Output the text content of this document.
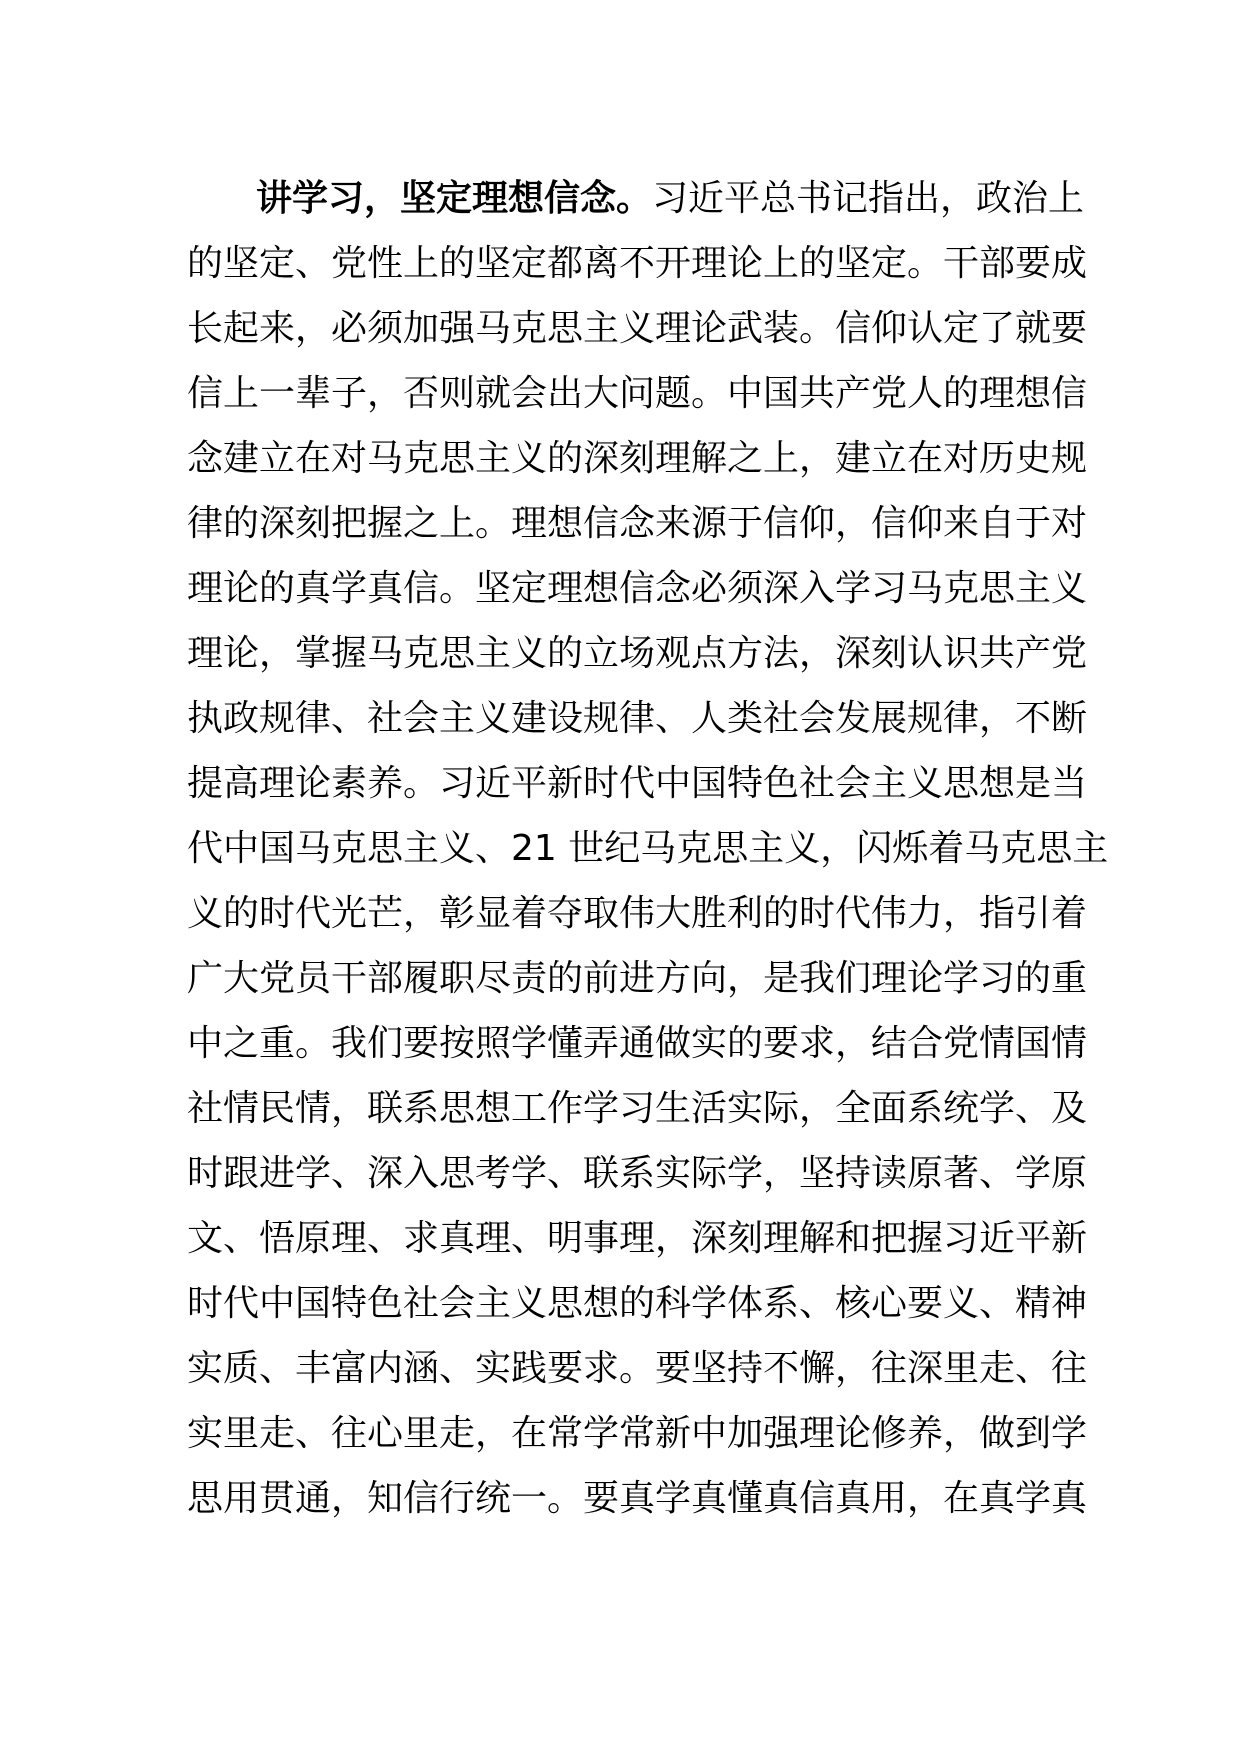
讲学习，坚定理想信念。习近平总书记指出，政治上
的坚定、党性上的坚定都离不开理论上的坚定。干部要成
长起来，必须加强马克思主义理论武装。信仰认定了就要
信上一辈子，否则就会出大问题。中国共产党人的理想信
念建立在对马克思主义的深刻理解之上，建立在对历史规
律的深刻把握之上。理想信念来源于信仰，信仰来自于对
理论的真学真信。坚定理想信念必须深入学习马克思主义
理论，掌握马克思主义的立场观点方法，深刻认识共产党
执政规律、社会主义建设规律、人类社会发展规律，不断
提高理论素养。习近平新时代中国特色社会主义思想是当
代中国马克思主义、21 世纪马克思主义，闪烁着马克思主
义的时代光芒，彰显着夺取伟大胜利的时代伟力，指引着
广大党员干部履职尽责的前进方向，是我们理论学习的重
中之重。我们要按照学懂弄通做实的要求，结合党情国情
社情民情，联系思想工作学习生活实际，全面系统学、及
时跟进学、深入思考学、联系实际学，坚持读原著、学原
文、悟原理、求真理、明事理，深刻理解和把握习近平新
时代中国特色社会主义思想的科学体系、核心要义、精神
实质、丰富内涵、实践要求。要坚持不懈，往深里走、往
实里走、往心里走，在常学常新中加强理论修养，做到学
思用贯通，知信行统一。要真学真懂真信真用，在真学真
